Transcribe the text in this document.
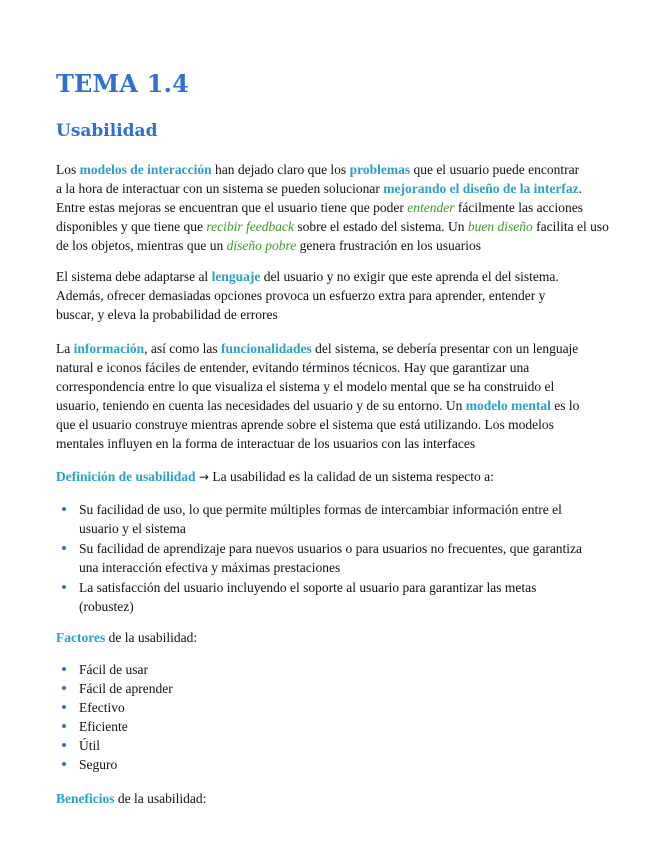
TEMA 1.4
Usabilidad
Los modelos de interacción han dejado claro que los problemas que el usuario puede encontrar
a la hora de interactuar con un sistema se pueden solucionar mejorando el diseño de la interfaz.
Entre estas mejoras se encuentran que el usuario tiene que poder entender fácilmente las acciones
disponibles y que tiene que recibir feedback sobre el estado del sistema. Un buen diseño facilita el uso
de los objetos, mientras que un diseño pobre genera frustración en los usuarios
El sistema debe adaptarse al lenguaje del usuario y no exigir que este aprenda el del sistema.
Además, ofrecer demasiadas opciones provoca un esfuerzo extra para aprender, entender y
buscar, y eleva la probabilidad de errores
La información, así como las funcionalidades del sistema, se debería presentar con un lenguaje
natural e iconos fáciles de entender, evitando términos técnicos. Hay que garantizar una
correspondencia entre lo que visualiza el sistema y el modelo mental que se ha construido el
usuario, teniendo en cuenta las necesidades del usuario y de su entorno. Un modelo mental es lo
que el usuario construye mientras aprende sobre el sistema que está utilizando. Los modelos
mentales influyen en la forma de interactuar de los usuarios con las interfaces
Definición de usabilidad → La usabilidad es la calidad de un sistema respecto a:
Su facilidad de uso, lo que permite múltiples formas de intercambiar información entre el
usuario y el sistema
Su facilidad de aprendizaje para nuevos usuarios o para usuarios no frecuentes, que garantiza
una interacción efectiva y máximas prestaciones
La satisfacción del usuario incluyendo el soporte al usuario para garantizar las metas
(robustez)
Factores de la usabilidad:
Fácil de usar
Fácil de aprender
Efectivo
Eficiente
Útil
Seguro
Beneficios de la usabilidad:
